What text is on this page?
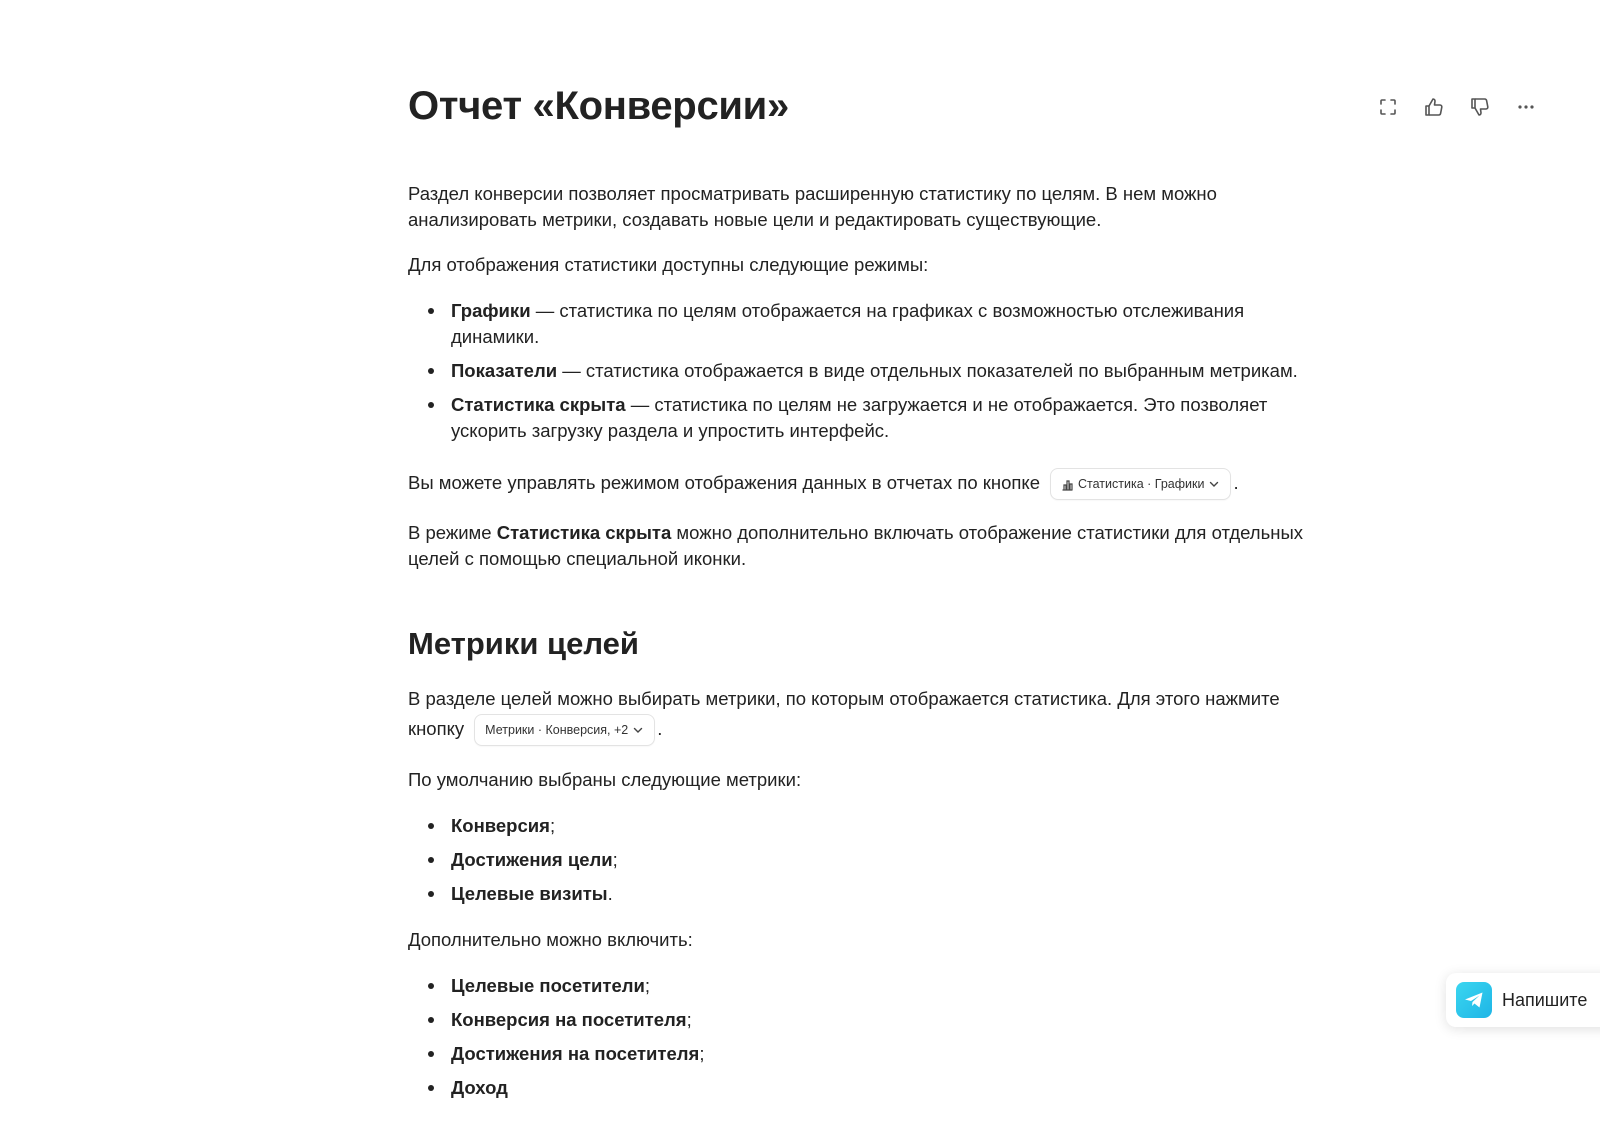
Отчет «Конверсии»

Раздел конверсии позволяет просматривать расширенную статистику по целям. В нем можно анализировать метрики, создавать новые цели и редактировать существующие.

Для отображения статистики доступны следующие режимы:

Графики — статистика по целям отображается на графиках с возможностью отслеживания динамики.
Показатели — статистика отображается в виде отдельных показателей по выбранным метрикам.
Статистика скрыта — статистика по целям не загружается и не отображается. Это позволяет ускорить загрузку раздела и упростить интерфейс.

Вы можете управлять режимом отображения данных в отчетах по кнопке	Статистика · Графики .

В режиме Статистика скрыта можно дополнительно включать отображение статистики для отдельных целей с помощью специальной иконки.

Метрики целей

В разделе целей можно выбирать метрики, по которым отображается статистика. Для этого нажмите кнопку Метрики · Конверсия, +2 .

По умолчанию выбраны следующие метрики:

Конверсия;
Достижения цели;
Целевые визиты.

Дополнительно можно включить:

Целевые посетители;
Конверсия на посетителя;
Достижения на посетителя;
Доход
Напишите
